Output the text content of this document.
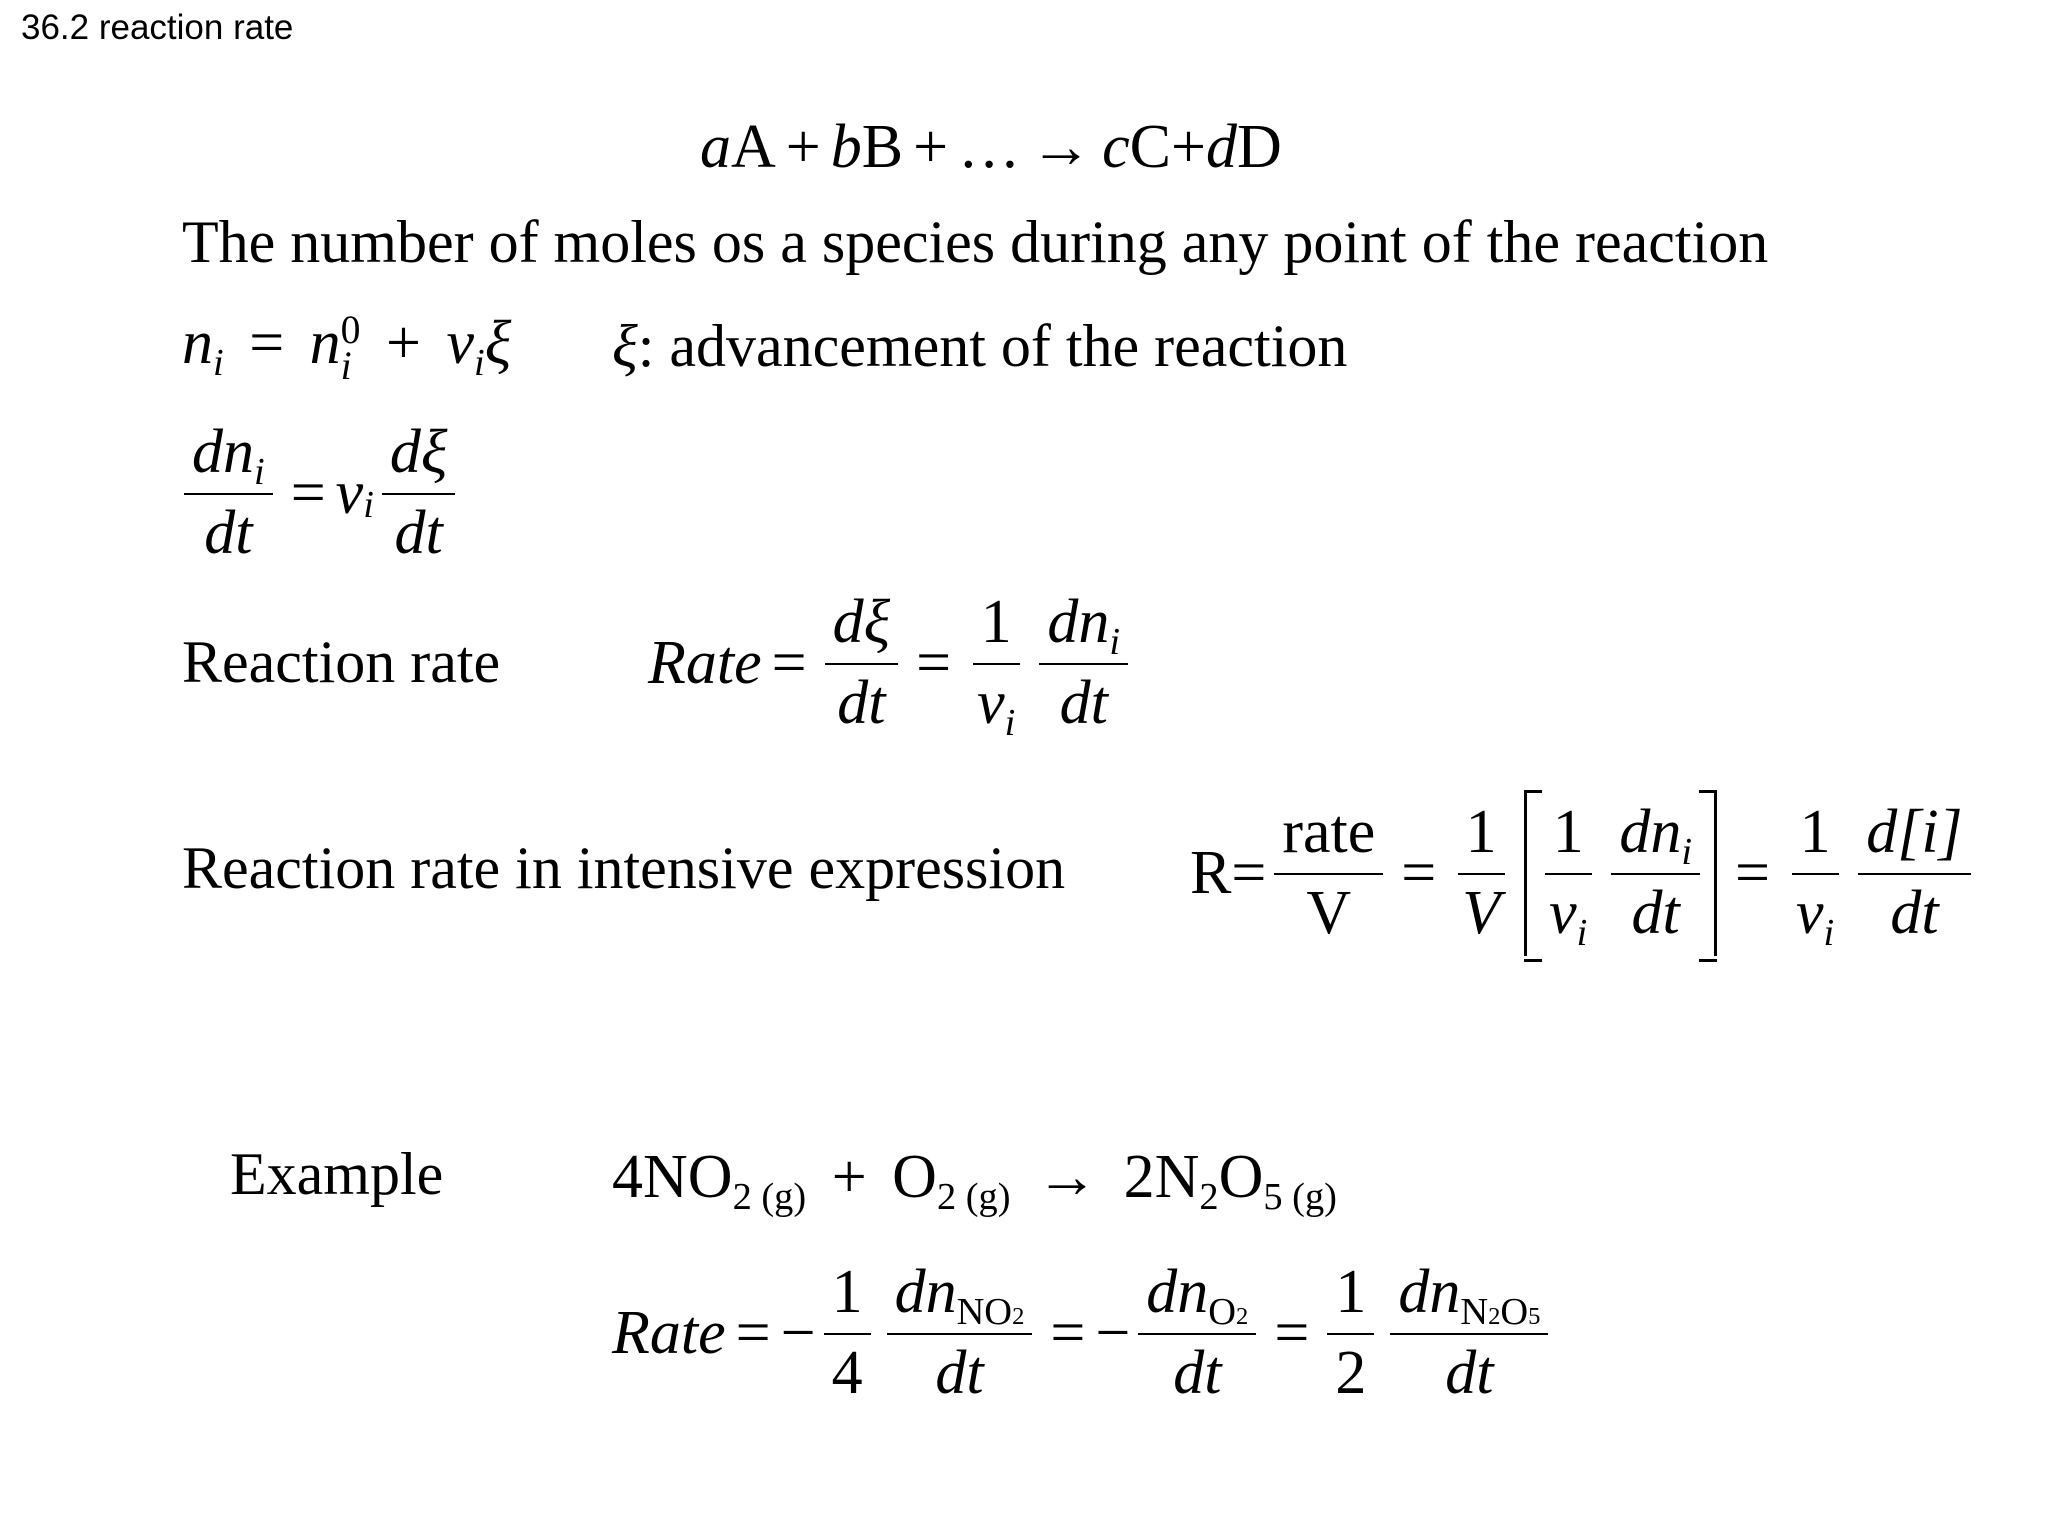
36.2 reaction rate
aA + bB + … → cC+dD
The number of moles os a species during any point of the reaction
ni = n 0
i + viξ ξ: advancement of the reaction
$\frac{\text{dni}}{dt} = v$ i $\frac{d\xi}{dt}$
Reaction rate Rate = $\frac{d\xi}{dt} = \frac{1}{vi} \frac{\text{dni}}{dt}$
Reaction rate in intensive expression $R= \frac{\text{rate}}{V} = \frac{1}{V} \frac{1}{vi} \frac{\text{dni}}{dt} = \frac{1}{vi} \frac{d[i]}{dt}$
Example	4NO2 (g) + O2 (g) → 2N2O5 (g)
Rate = − $\frac{1}{4} \frac{\text{dnNO2}}{dt}$ = − $\frac{\text{dnO2}}{dt} = \frac{1}{2} \frac{\text{dnN2O5}}{dt}$
